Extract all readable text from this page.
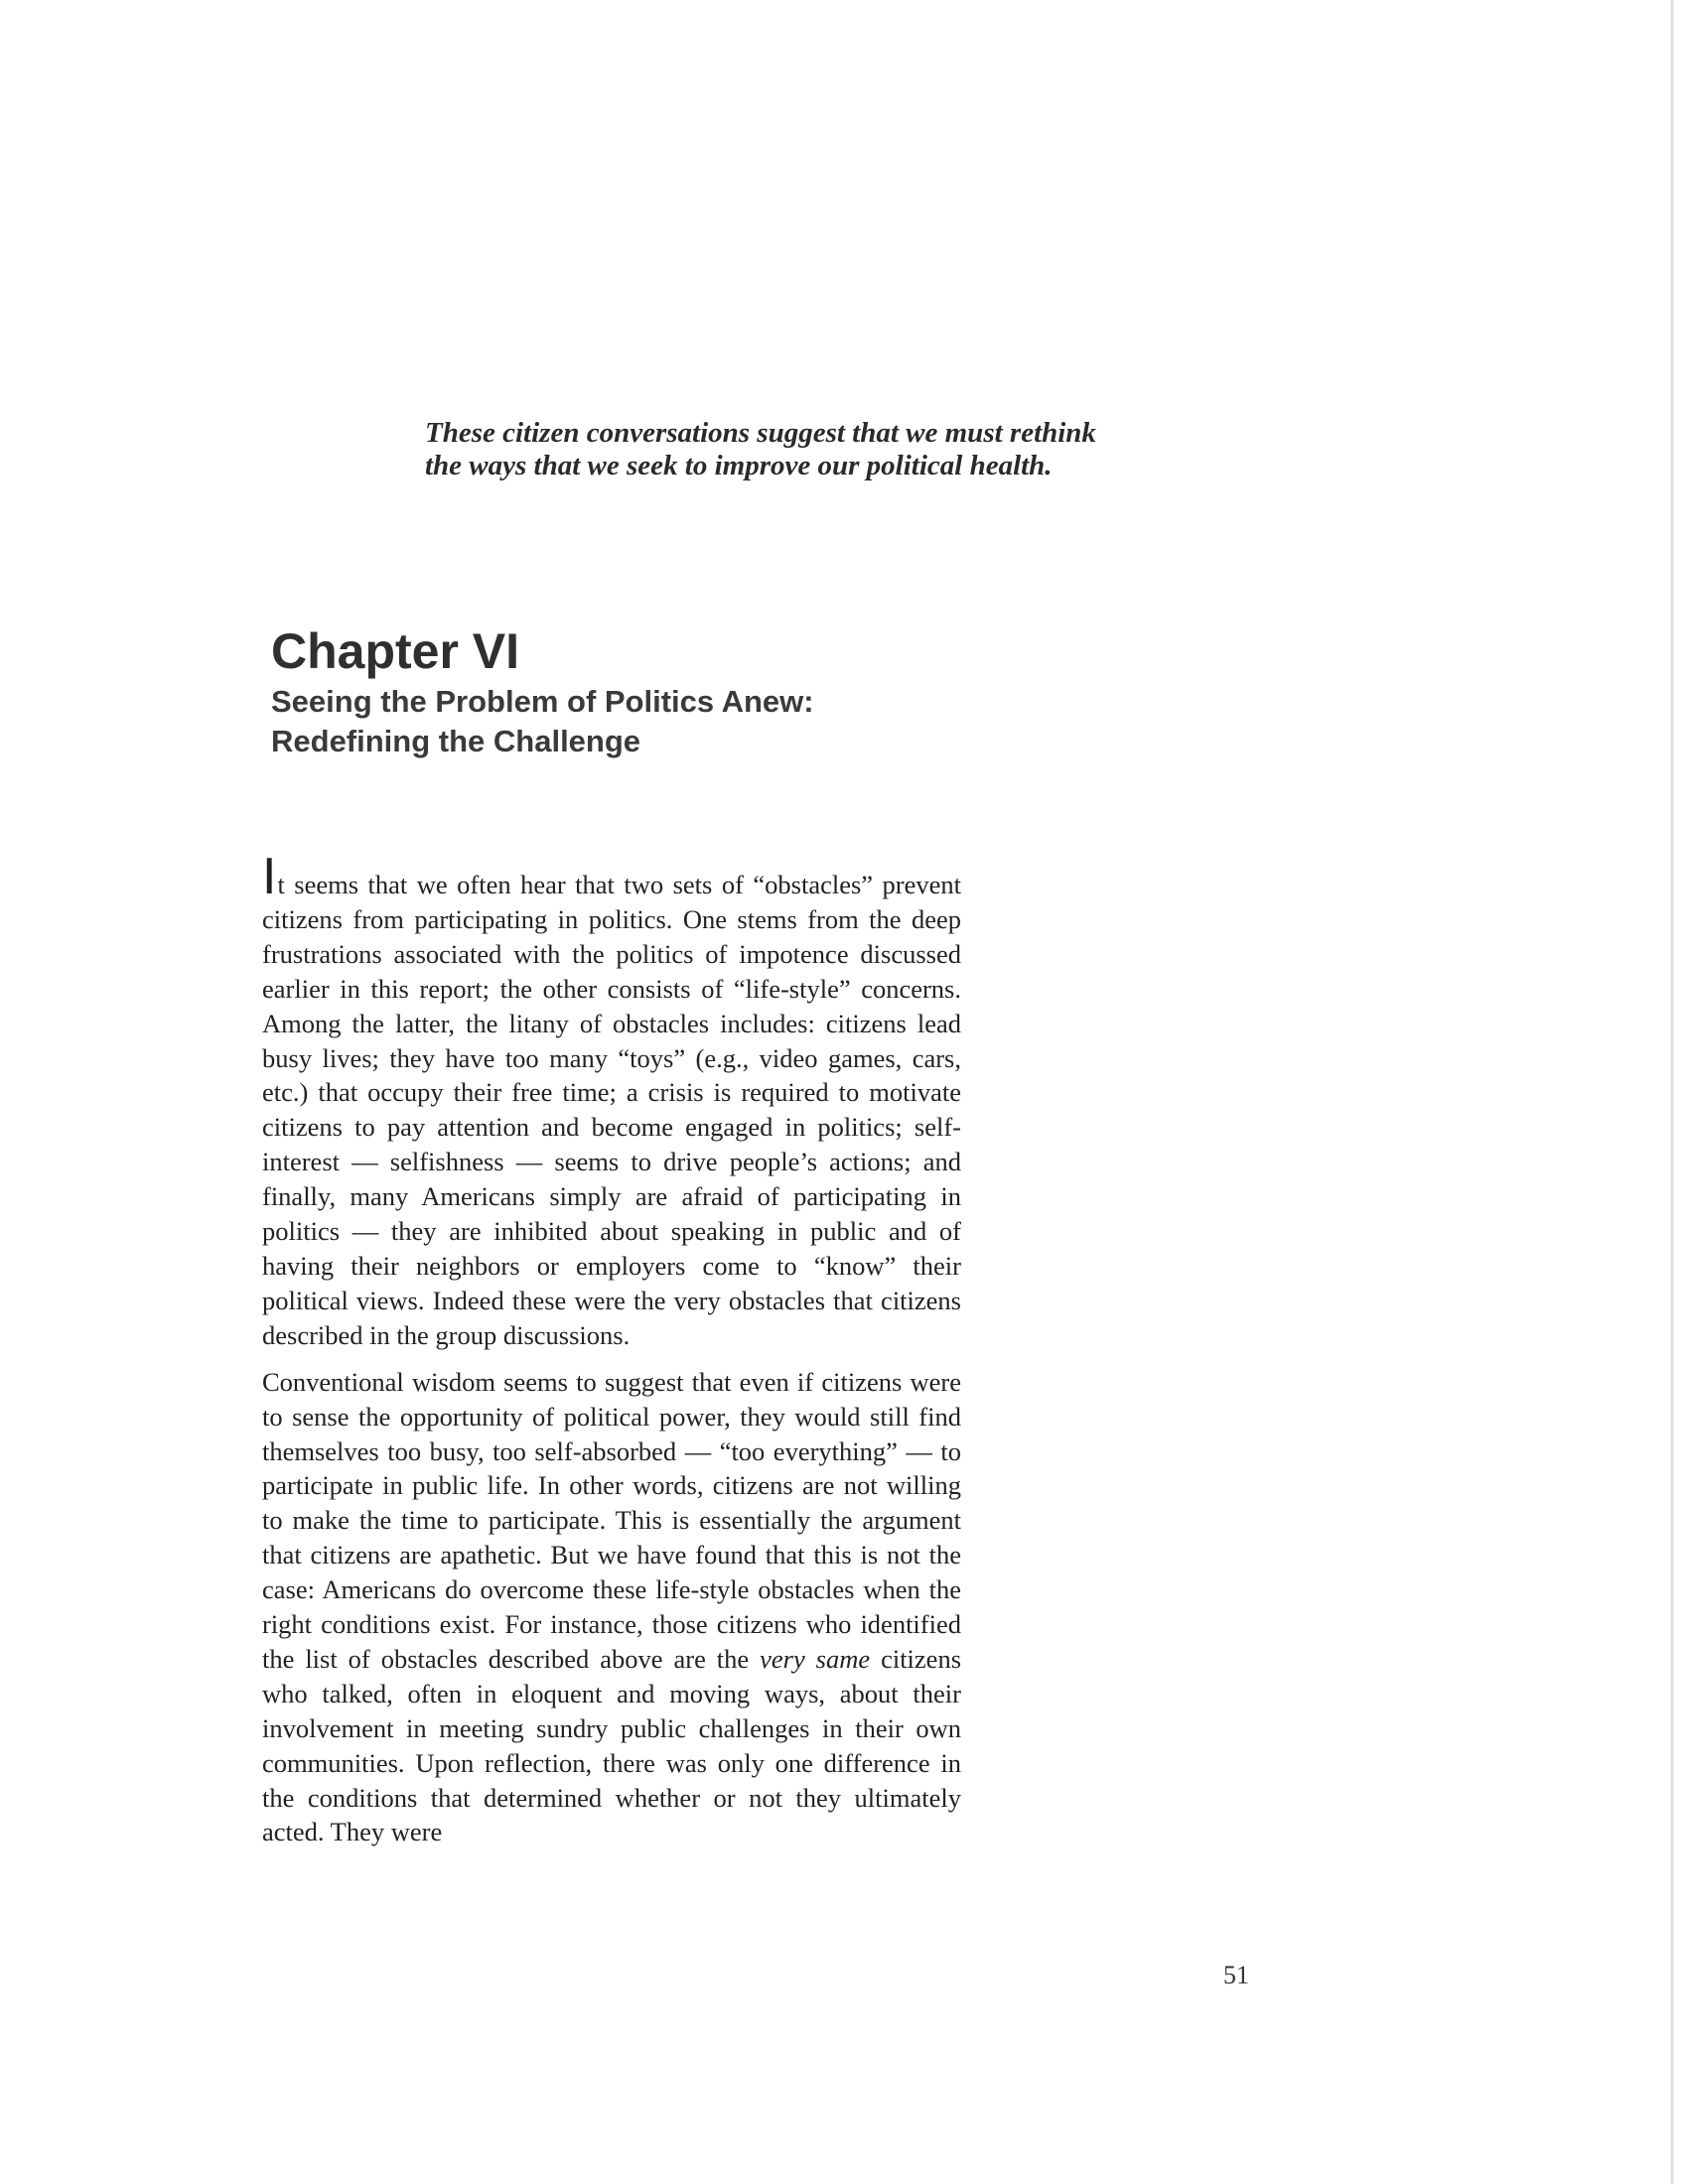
These citizen conversations suggest that we must rethink the ways that we seek to improve our political health.
Chapter VI
Seeing the Problem of Politics Anew:
Redefining the Challenge

It seems that we often hear that two sets of “obstacles” prevent citizens from participating in politics. One stems from the deep frustrations associated with the politics of impotence discussed earlier in this report; the other consists of “life-style” concerns. Among the latter, the litany of obstacles includes: citizens lead busy lives; they have too many “toys” (e.g., video games, cars, etc.) that occupy their free time; a crisis is required to motivate citizens to pay attention and become engaged in politics; self-interest — selfishness — seems to drive people’s actions; and finally, many Americans simply are afraid of participating in politics — they are inhibited about speaking in public and of having their neighbors or employers come to “know” their political views. Indeed these were the very obstacles that citizens described in the group discussions.

Conventional wisdom seems to suggest that even if citizens were to sense the opportunity of political power, they would still find themselves too busy, too self-absorbed — “too everything” — to participate in public life. In other words, citizens are not willing to make the time to participate. This is essentially the argument that citizens are apathetic. But we have found that this is not the case: Americans do overcome these life-style obstacles when the right conditions exist. For instance, those citizens who identified the list of obstacles described above are the very same citizens who talked, often in eloquent and moving ways, about their involvement in meeting sundry public challenges in their own communities. Upon reflection, there was only one difference in the conditions that determined whether or not they ultimately acted. They were

51
